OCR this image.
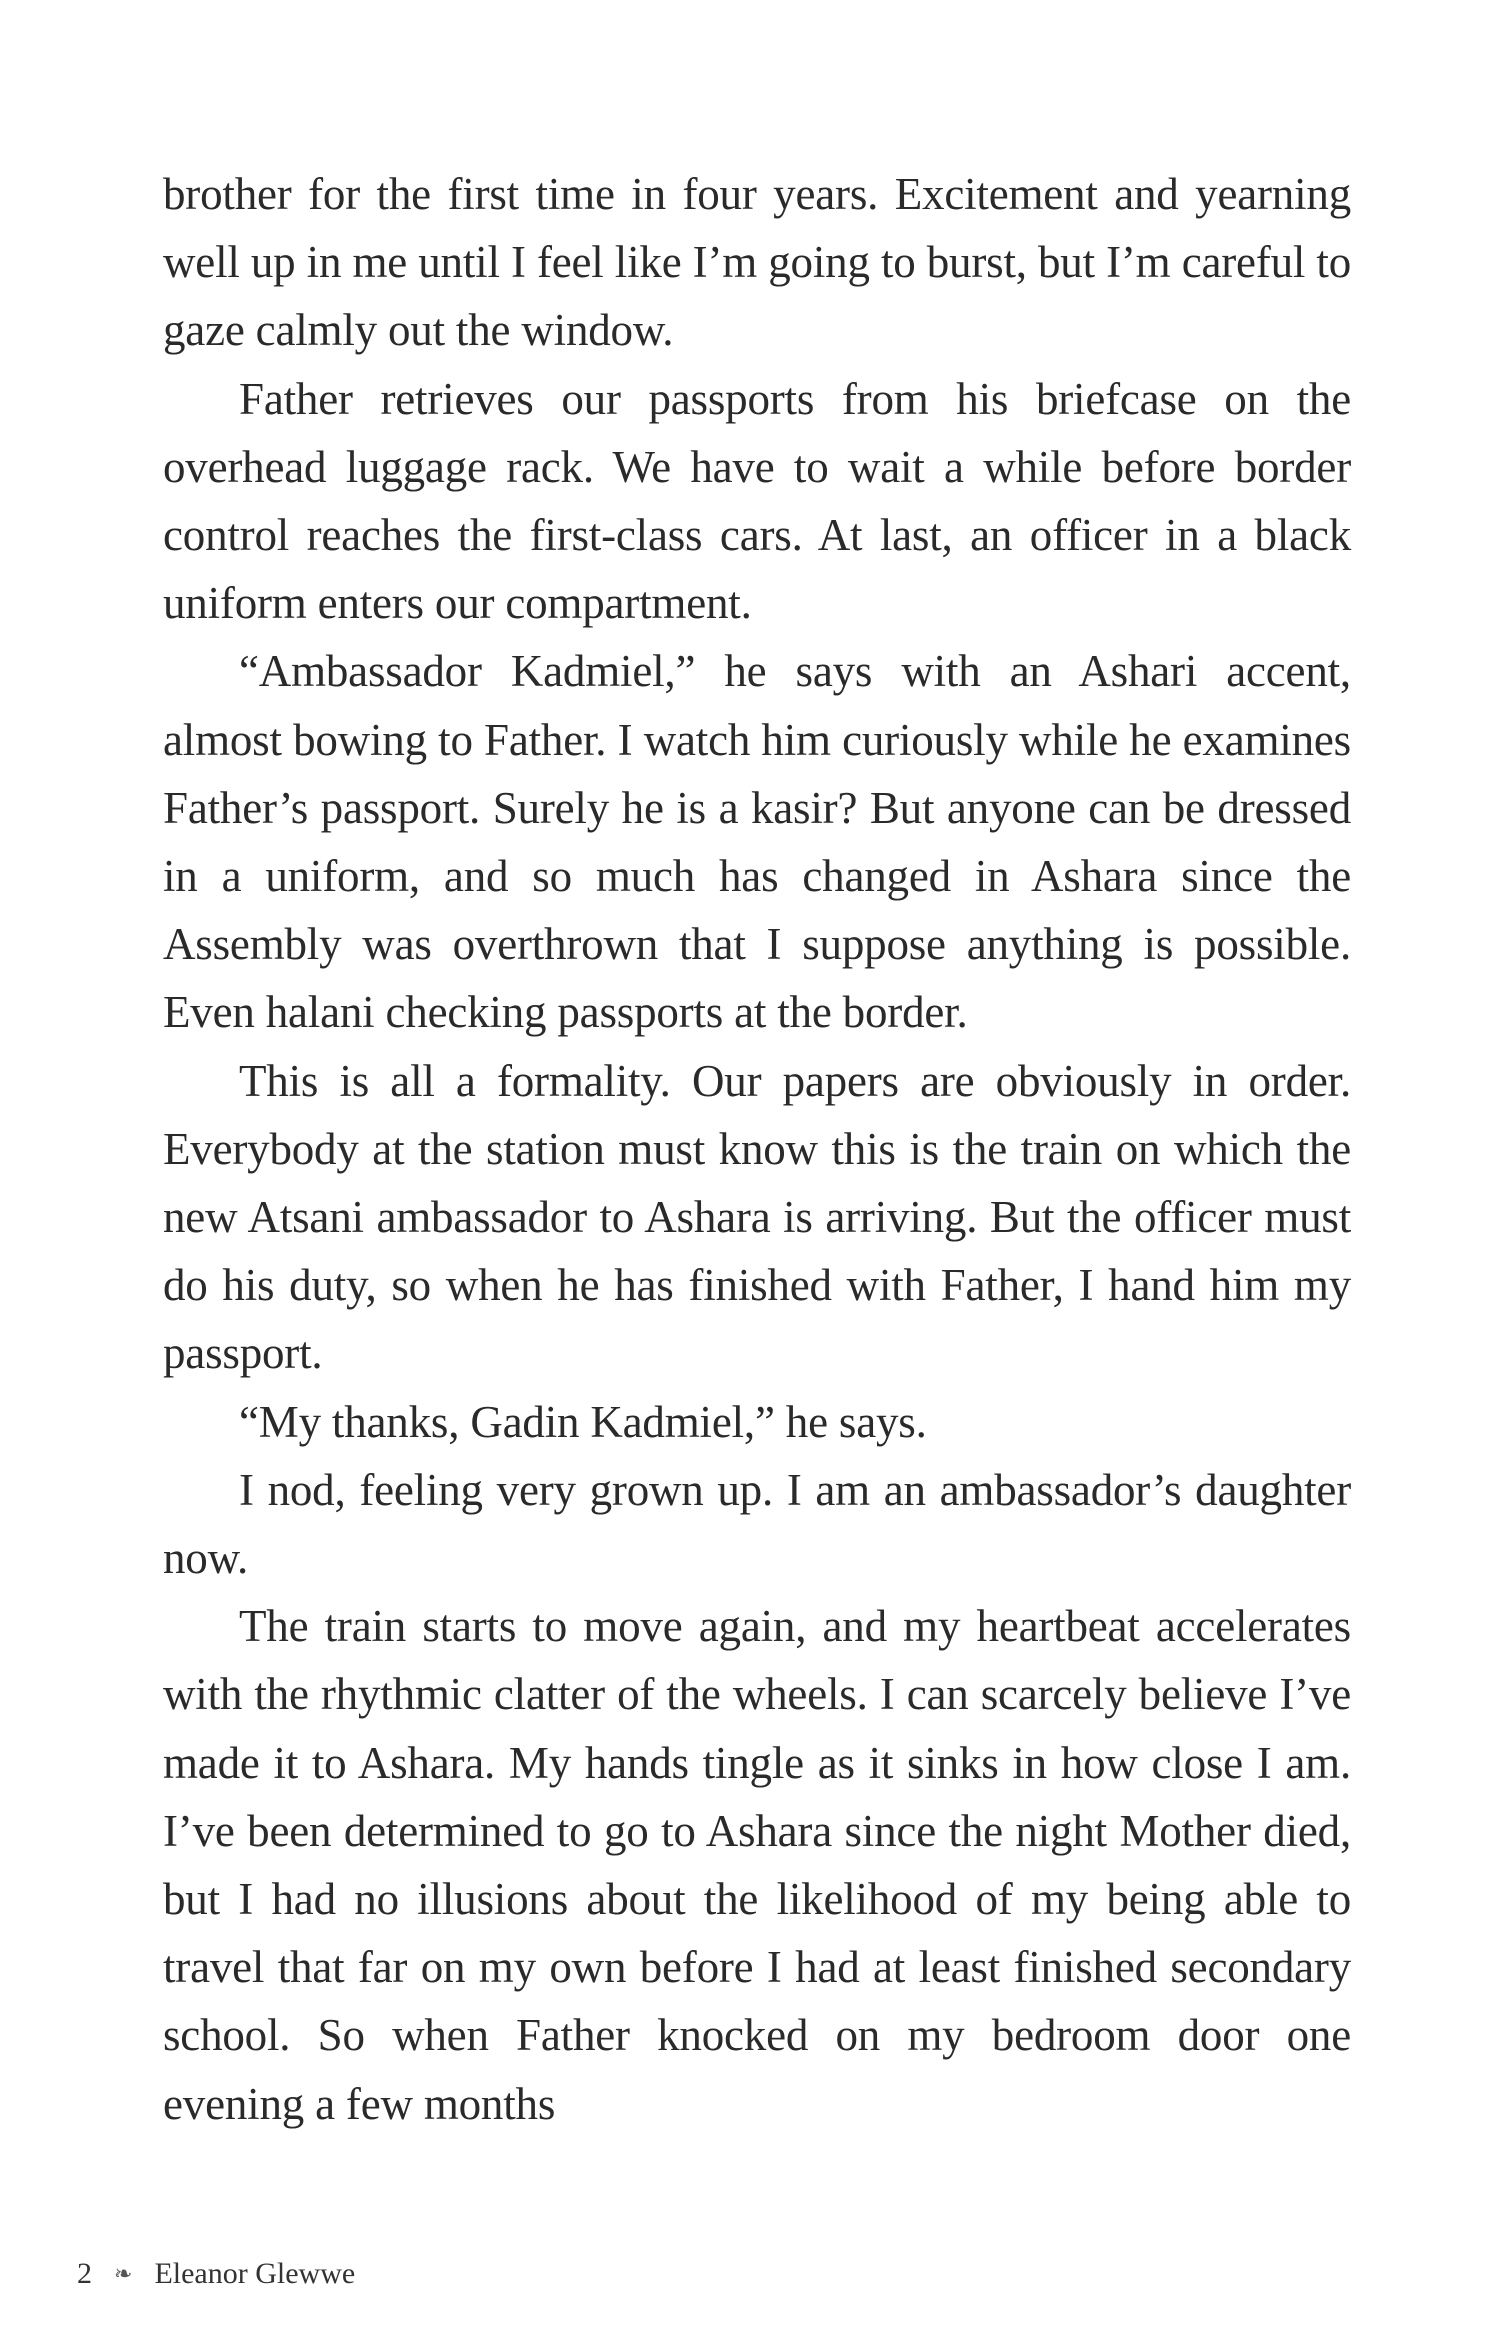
brother for the first time in four years. Excitement and yearning well up in me until I feel like I’m going to burst, but I’m careful to gaze calmly out the window.

Father retrieves our passports from his briefcase on the overhead luggage rack. We have to wait a while before border control reaches the first-class cars. At last, an officer in a black uniform enters our compartment.

“Ambassador Kadmiel,” he says with an Ashari accent, almost bowing to Father. I watch him curiously while he examines Father’s passport. Surely he is a kasir? But anyone can be dressed in a uniform, and so much has changed in Ashara since the Assembly was overthrown that I suppose anything is possible. Even halani checking passports at the border.

This is all a formality. Our papers are obviously in order. Everybody at the station must know this is the train on which the new Atsani ambassador to Ashara is arriving. But the officer must do his duty, so when he has finished with Father, I hand him my passport.

“My thanks, Gadin Kadmiel,” he says.

I nod, feeling very grown up. I am an ambassador’s daughter now.

The train starts to move again, and my heartbeat accelerates with the rhythmic clatter of the wheels. I can scarcely believe I’ve made it to Ashara. My hands tingle as it sinks in how close I am. I’ve been determined to go to Ashara since the night Mother died, but I had no illusions about the likelihood of my being able to travel that far on my own before I had at least finished secondary school. So when Father knocked on my bedroom door one evening a few months

2 ❧ Eleanor Glewwe
